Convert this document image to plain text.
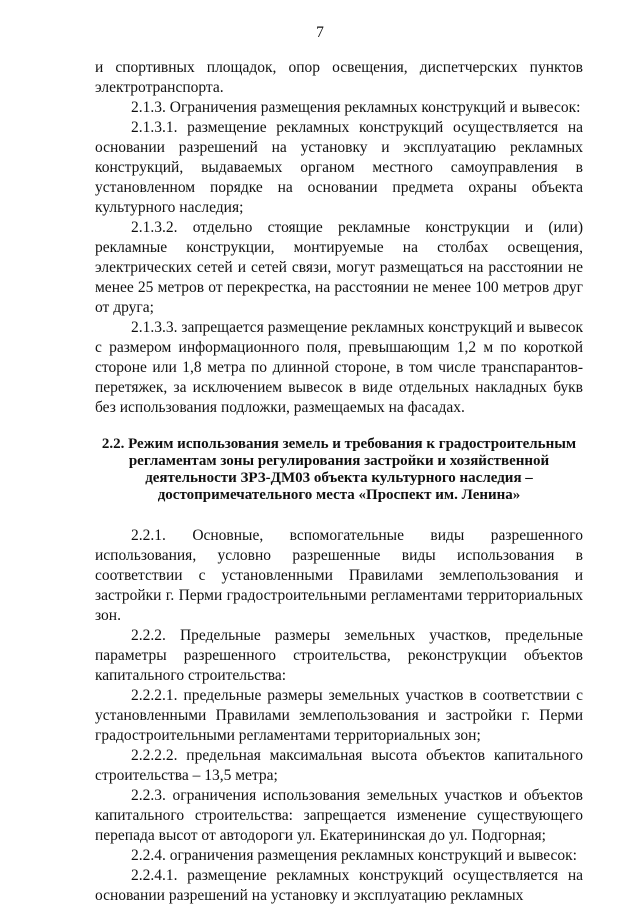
7

и спортивных площадок, опор освещения, диспетчерских пунктов электротранспорта.

2.1.3. Ограничения размещения рекламных конструкций и вывесок:

2.1.3.1. размещение рекламных конструкций осуществляется на основании разрешений на установку и эксплуатацию рекламных конструкций, выдаваемых органом местного самоуправления в установленном порядке на основании предмета охраны объекта культурного наследия;

2.1.3.2. отдельно стоящие рекламные конструкции и (или) рекламные конструкции, монтируемые на столбах освещения, электрических сетей и сетей связи, могут размещаться на расстоянии не менее 25 метров от перекрестка, на расстоянии не менее 100 метров друг от друга;

2.1.3.3. запрещается размещение рекламных конструкций и вывесок с размером информационного поля, превышающим 1,2 м по короткой стороне или 1,8 метра по длинной стороне, в том числе транспарантов-перетяжек, за исключением вывесок в виде отдельных накладных букв без использования подложки, размещаемых на фасадах.

2.2. Режим использования земель и требования к градостроительным регламентам зоны регулирования застройки и хозяйственной деятельности ЗРЗ-ДМ03 объекта культурного наследия – достопримечательного места «Проспект им. Ленина»

2.2.1. Основные, вспомогательные виды разрешенного использования, условно разрешенные виды использования в соответствии с установленными Правилами землепользования и застройки г. Перми градостроительными регламентами территориальных зон.

2.2.2. Предельные размеры земельных участков, предельные параметры разрешенного строительства, реконструкции объектов капитального строительства:

2.2.2.1. предельные размеры земельных участков в соответствии с установленными Правилами землепользования и застройки г. Перми градостроительными регламентами территориальных зон;

2.2.2.2. предельная максимальная высота объектов капитального строительства – 13,5 метра;

2.2.3. ограничения использования земельных участков и объектов капитального строительства: запрещается изменение существующего перепада высот от автодороги ул. Екатерининская до ул. Подгорная;

2.2.4. ограничения размещения рекламных конструкций и вывесок:

2.2.4.1. размещение рекламных конструкций осуществляется на основании разрешений на установку и эксплуатацию рекламных
